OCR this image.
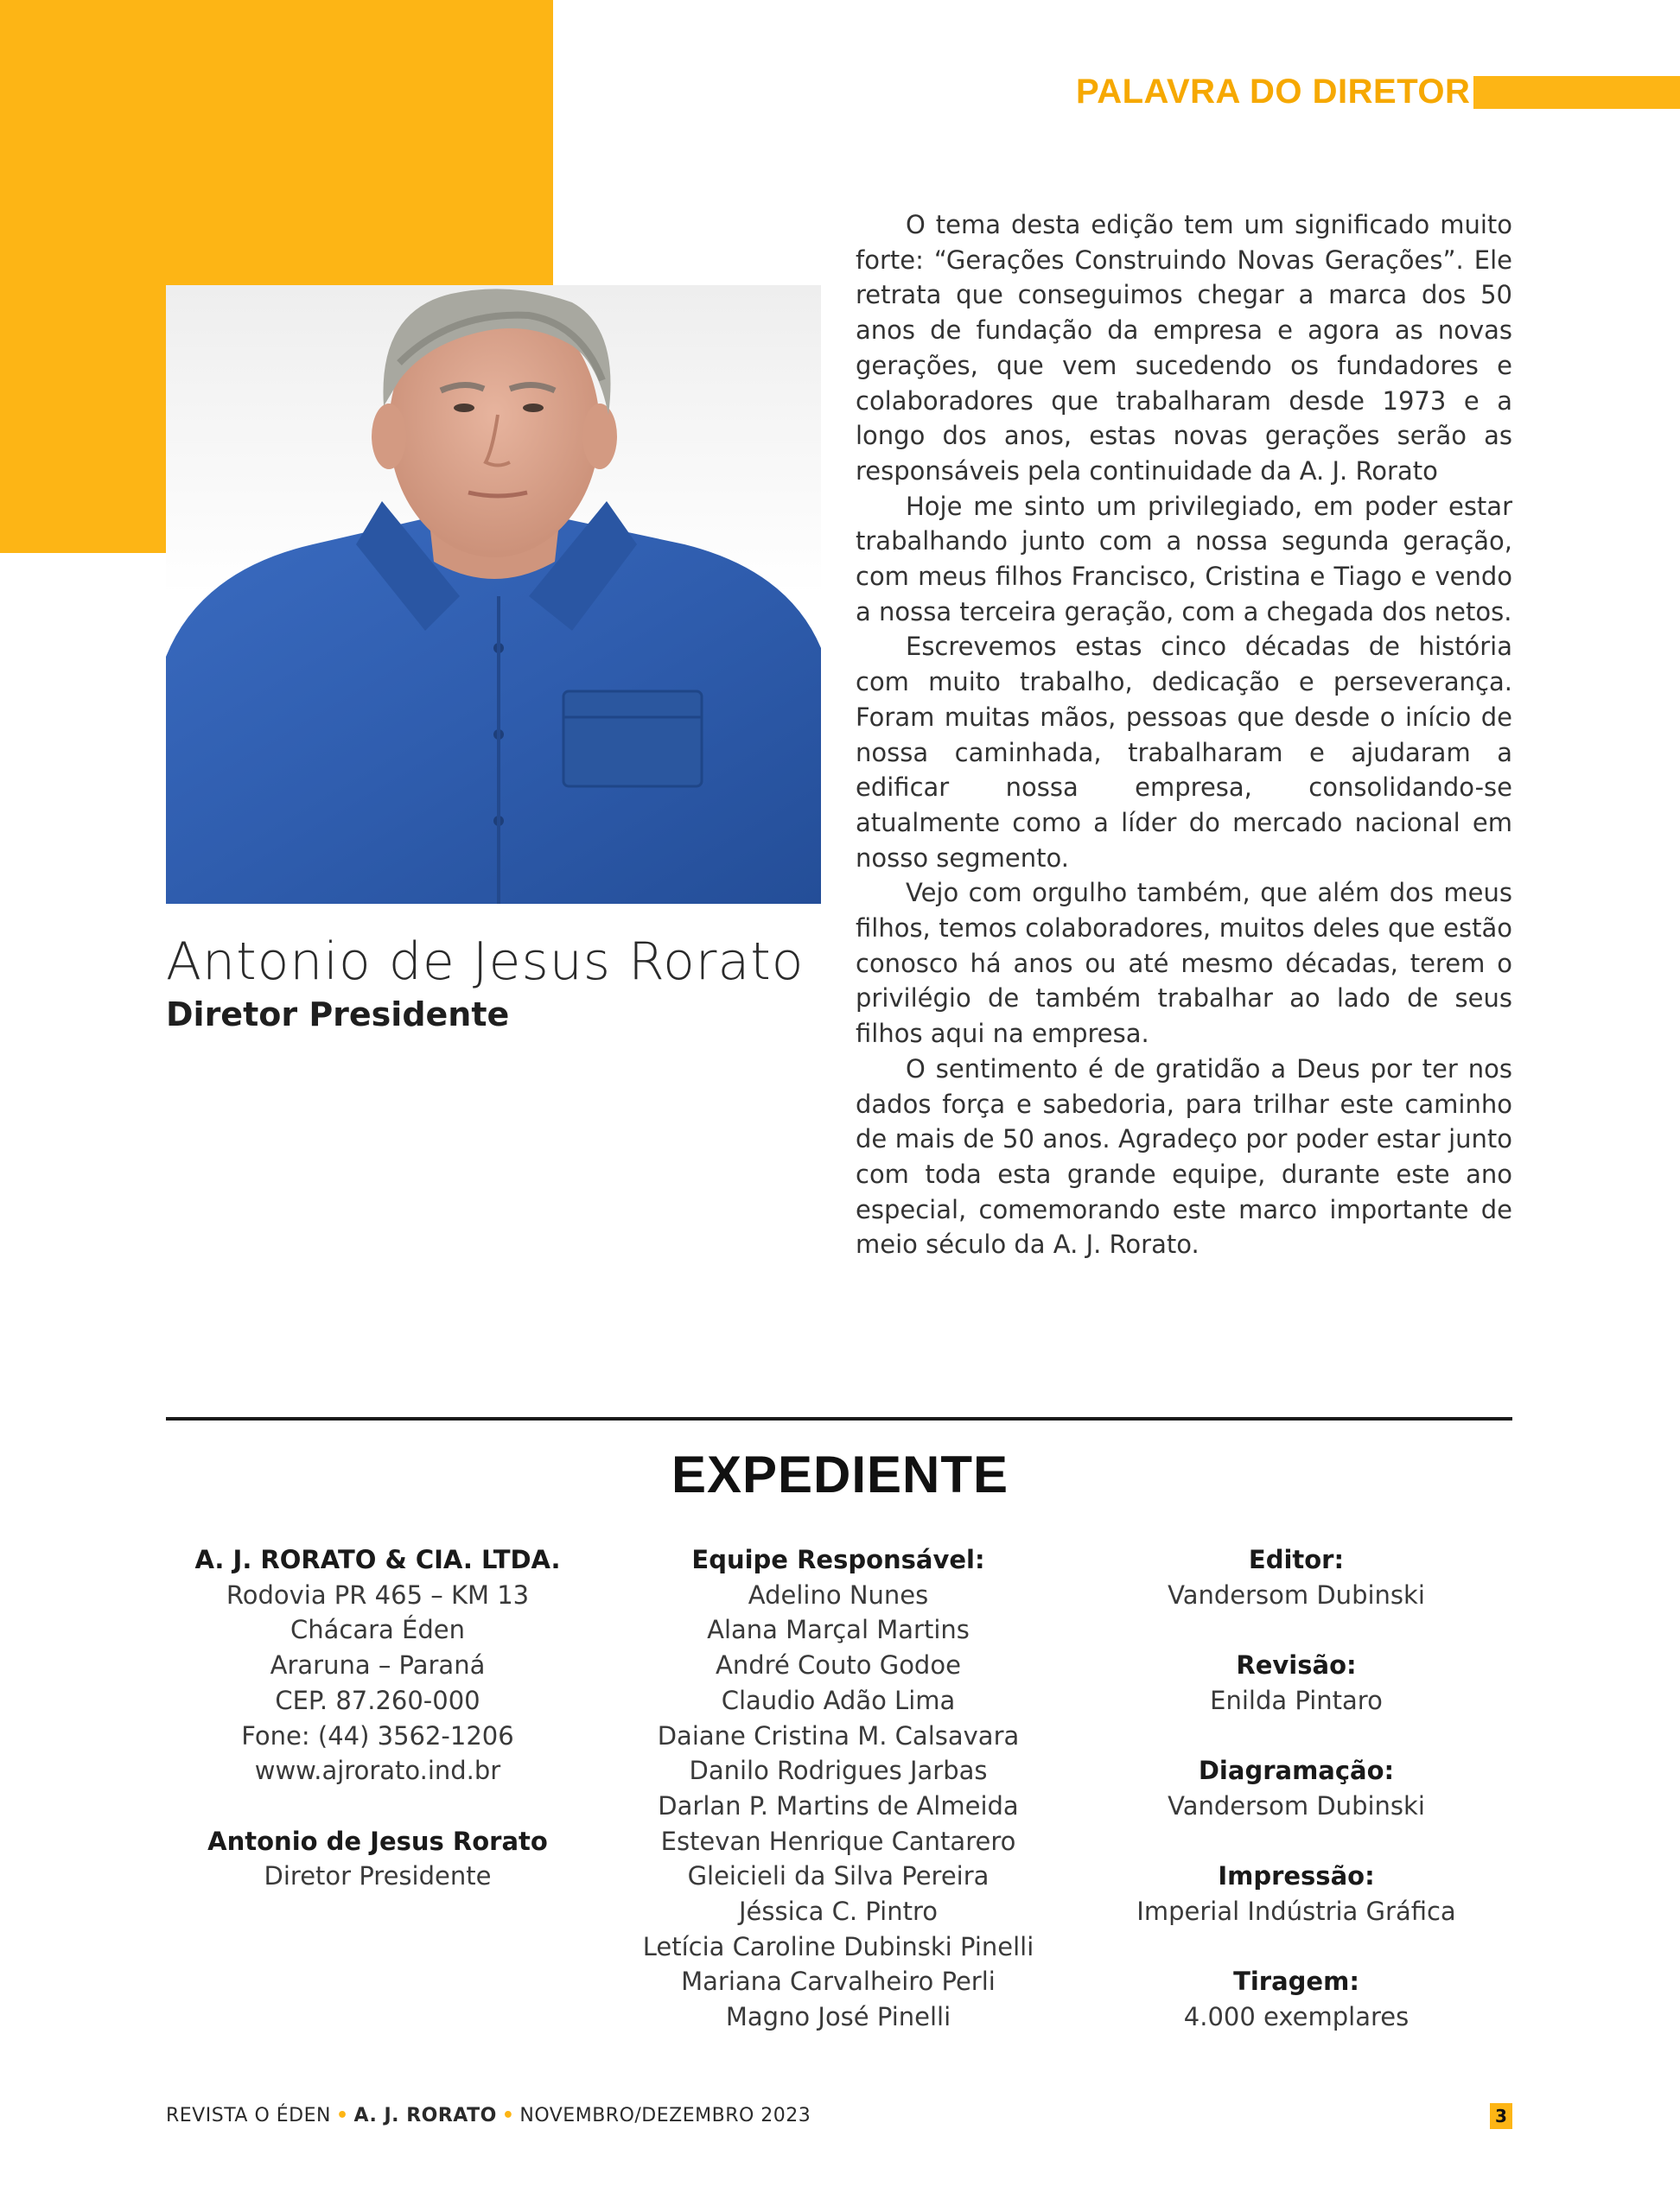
PALAVRA DO DIRETOR
Antonio de Jesus Rorato
Diretor Presidente

O tema desta edição tem um significado muito forte: “Gerações Construindo Novas Gerações”. Ele retrata que conseguimos chegar a marca dos 50 anos de fundação da empresa e agora as novas gerações, que vem sucedendo os fundadores e colaboradores que trabalharam desde 1973 e a longo dos anos, estas novas gerações serão as responsáveis pela continuidade da A. J. Rorato

Hoje me sinto um privilegiado, em poder estar trabalhando junto com a nossa segunda geração, com meus filhos Francisco, Cristina e Tiago e vendo a nossa terceira geração, com a chegada dos netos.

Escrevemos estas cinco décadas de história com muito trabalho, dedicação e perseverança. Foram muitas mãos, pessoas que desde o início de nossa caminhada, trabalharam e ajudaram a edificar nossa empresa, consolidando-se atualmente como a líder do mercado nacional em nosso segmento.

Vejo com orgulho também, que além dos meus filhos, temos colaboradores, muitos deles que estão conosco há anos ou até mesmo décadas, terem o privilégio de também trabalhar ao lado de seus filhos aqui na empresa.

O sentimento é de gratidão a Deus por ter nos dados força e sabedoria, para trilhar este caminho de mais de 50 anos. Agradeço por poder estar junto com toda esta grande equipe, durante este ano especial, comemorando este marco importante de meio século da A. J. Rorato.

EXPEDIENTE
A. J. RORATO & CIA. LTDA.
Rodovia PR 465 – KM 13
Chácara Éden
Araruna – Paraná
CEP. 87.260-000
Fone: (44) 3562-1206
www.ajrorato.ind.br
Antonio de Jesus Rorato
Diretor Presidente
Equipe Responsável:
Adelino Nunes
Alana Marçal Martins
André Couto Godoe
Claudio Adão Lima
Daiane Cristina M. Calsavara
Danilo Rodrigues Jarbas
Darlan P. Martins de Almeida
Estevan Henrique Cantarero
Gleicieli da Silva Pereira
Jéssica C. Pintro
Letícia Caroline Dubinski Pinelli
Mariana Carvalheiro Perli
Magno José Pinelli
Editor:
Vandersom Dubinski
Revisão:
Enilda Pintaro
Diagramação:
Vandersom Dubinski
Impressão:
Imperial Indústria Gráfica
Tiragem:
4.000 exemplares
REVISTA O ÉDEN • A. J. RORATO • NOVEMBRO/DEZEMBRO 2023	3
